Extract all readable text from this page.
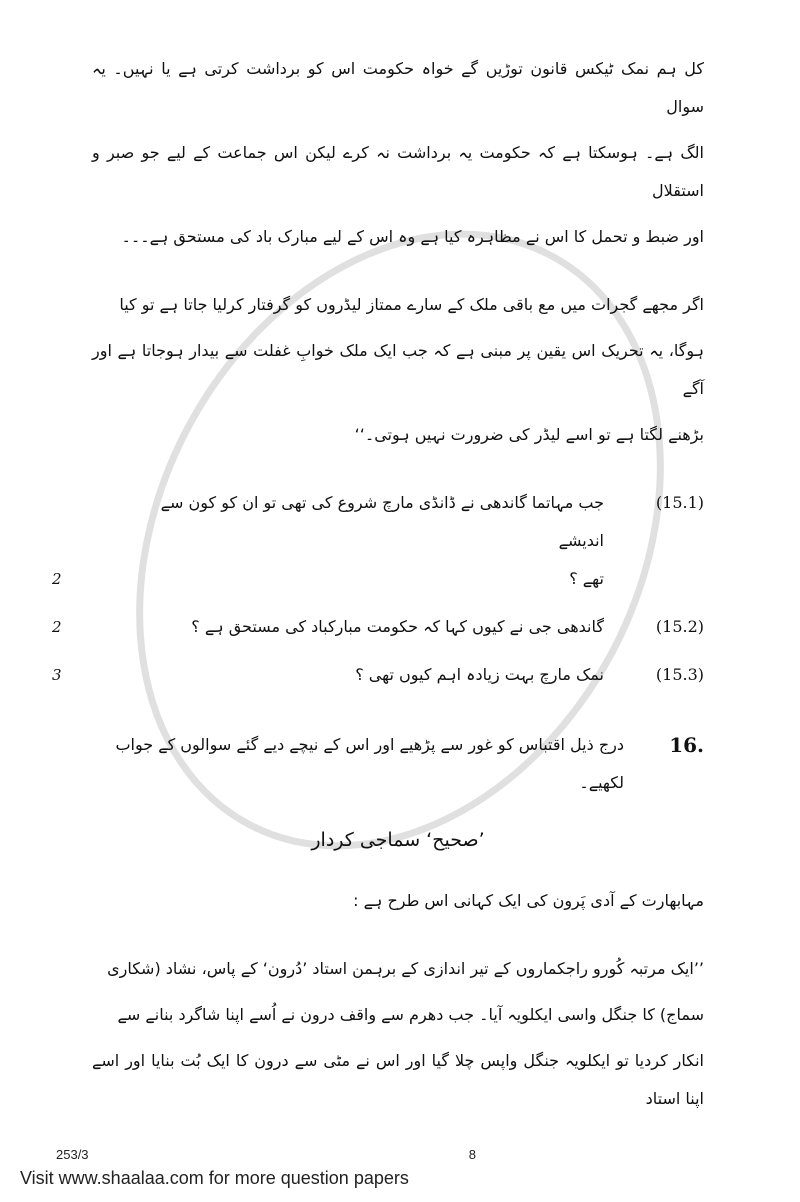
کل ہم نمک ٹیکس قانون توڑیں گے خواہ حکومت اس کو برداشت کرتی ہے یا نہیں۔ یہ سوال
الگ ہے۔ ہوسکتا ہے کہ حکومت یہ برداشت نہ کرے لیکن اس جماعت کے لیے جو صبر و استقلال
اور ضبط و تحمل کا اس نے مظاہرہ کیا ہے وہ اس کے لیے مبارک باد کی مستحق ہے۔۔۔
اگر مجھے گجرات میں مع باقی ملک کے سارے ممتاز لیڈروں کو گرفتار کرلیا جاتا ہے تو کیا
ہوگا، یہ تحریک اس یقین پر مبنی ہے کہ جب ایک ملک خوابِ غفلت سے بیدار ہوجاتا ہے اور آگے
بڑھنے لگتا ہے تو اسے لیڈر کی ضرورت نہیں ہوتی۔‘‘
(15.1)
جب مہاتما گاندھی نے ڈانڈی مارچ شروع کی تھی تو ان کو کون سے اندیشے
تھے ؟
2
(15.2)
گاندھی جی نے کیوں کہا کہ حکومت مبارکباد کی مستحق ہے ؟
2
(15.3)
نمک مارچ بہت زیادہ اہم کیوں تھی ؟
3
16.
درج ذیل اقتباس کو غور سے پڑھیے اور اس کے نیچے دیے گئے سوالوں کے جواب لکھیے۔
’صحیح‘ سماجی کردار
مہابھارت کے آدی پَرون کی ایک کہانی اس طرح ہے :
’’ایک مرتبہ کُورو راجکماروں کے تیر اندازی کے برہمن استاد ’دُرون‘ کے پاس، نشاد (شکاری
سماج) کا جنگل واسی ایکلویہ آیا۔ جب دھرم سے واقف درون نے اُسے اپنا شاگرد بنانے سے
انکار کردیا تو ایکلویہ جنگل واپس چلا گیا اور اس نے مٹی سے درون کا ایک بُت بنایا اور اسے اپنا استاد
253/3	8
Visit www.shaalaa.com for more question papers
